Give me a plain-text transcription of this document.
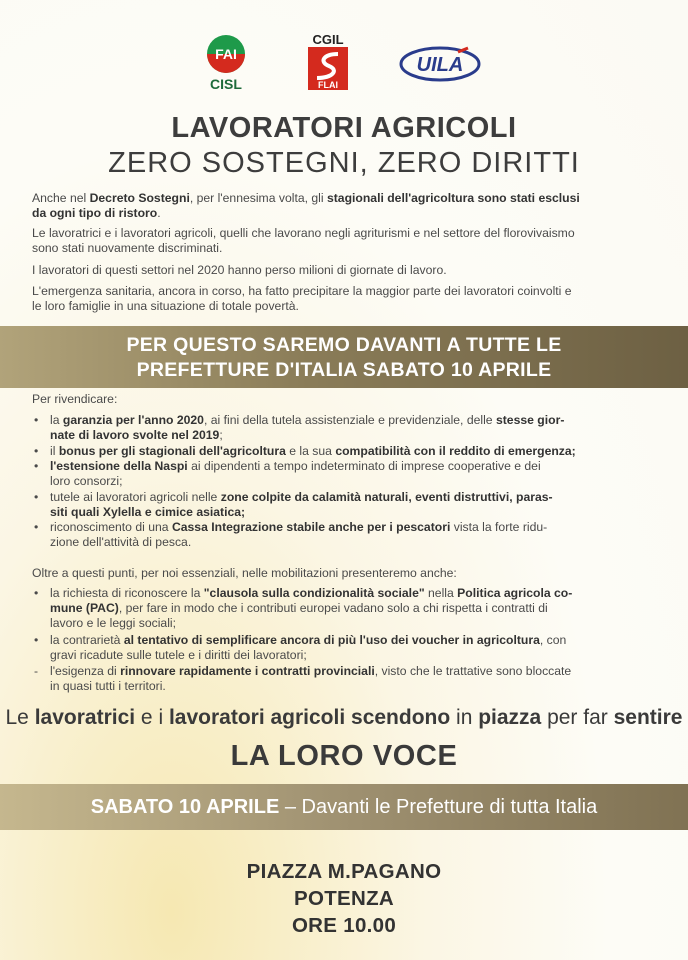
FAI
CISL
CGIL
FLAI
UILA
LAVORATORI AGRICOLI
ZERO SOSTEGNI, ZERO DIRITTI
Anche nel Decreto Sostegni, per l'ennesima volta, gli stagionali dell'agricoltura sono stati esclusi
da ogni tipo di ristoro.
Le lavoratrici e i lavoratori agricoli, quelli che lavorano negli agriturismi e nel settore del florovivaismo
sono stati nuovamente discriminati.
I lavoratori di questi settori nel 2020 hanno perso milioni di giornate di lavoro.
L'emergenza sanitaria, ancora in corso, ha fatto precipitare la maggior parte dei lavoratori coinvolti e
le loro famiglie in una situazione di totale povertà.
PER QUESTO SAREMO DAVANTI A TUTTE LE
PREFETTURE D'ITALIA SABATO 10 APRILE
Per rivendicare:
• la garanzia per l'anno 2020, ai fini della tutela assistenziale e previdenziale, delle stesse gior-
nate di lavoro svolte nel 2019;
• il bonus per gli stagionali dell'agricoltura e la sua compatibilità con il reddito di emergenza;
• l'estensione della Naspi ai dipendenti a tempo indeterminato di imprese cooperative e dei
loro consorzi;
• tutele ai lavoratori agricoli nelle zone colpite da calamità naturali, eventi distruttivi, paras-
siti quali Xylella e cimice asiatica;
• riconoscimento di una Cassa Integrazione stabile anche per i pescatori vista la forte ridu-
zione dell'attività di pesca.
Oltre a questi punti, per noi essenziali, nelle mobilitazioni presenteremo anche:
• la richiesta di riconoscere la "clausola sulla condizionalità sociale" nella Politica agricola co-
mune (PAC), per fare in modo che i contributi europei vadano solo a chi rispetta i contratti di
lavoro e le leggi sociali;
• la contrarietà al tentativo di semplificare ancora di più l'uso dei voucher in agricoltura, con
gravi ricadute sulle tutele e i diritti dei lavoratori;
- l'esigenza di rinnovare rapidamente i contratti provinciali, visto che le trattative sono bloccate
in quasi tutti i territori.
Le lavoratrici e i lavoratori agricoli scendono in piazza per far sentire
LA LORO VOCE
SABATO 10 APRILE – Davanti le Prefetture di tutta Italia
PIAZZA M.PAGANO
POTENZA
ORE 10.00
